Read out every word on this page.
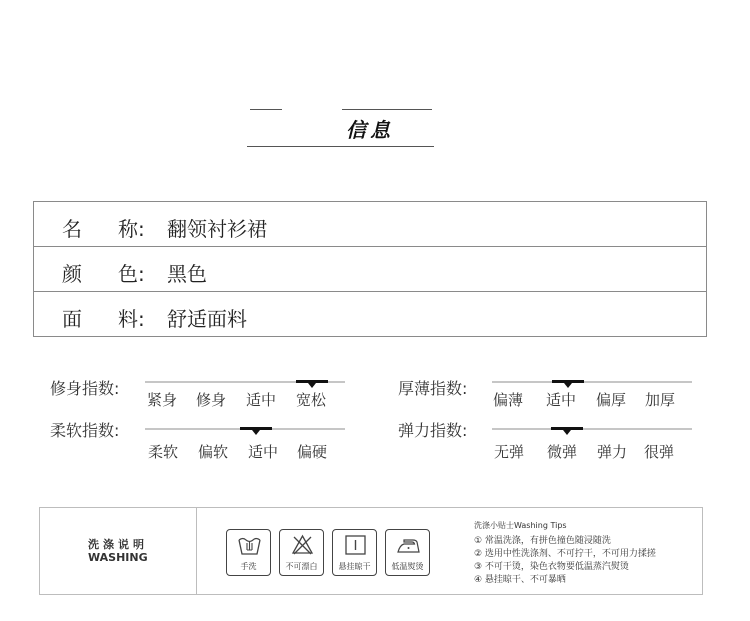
信息
名 称: 翻领衬衫裙
颜 色: 黑色
面 料: 舒适面料
修身指数:
紧身 修身 适中 宽松
厚薄指数:
偏薄 适中 偏厚 加厚
柔软指数:
柔软 偏软 适中 偏硬
弹力指数:
无弹 微弹 弹力 很弹
洗涤说明
WASHING
手洗	不可漂白	悬挂晾干	低温熨烫
洗涤小贴士Washing Tips
① 常温洗涤，有拼色撞色随浸随洗
② 选用中性洗涤剂、不可拧干，不可用力揉搓
③ 不可干烫，染色衣物要低温蒸汽熨烫
④ 悬挂晾干、不可暴晒
